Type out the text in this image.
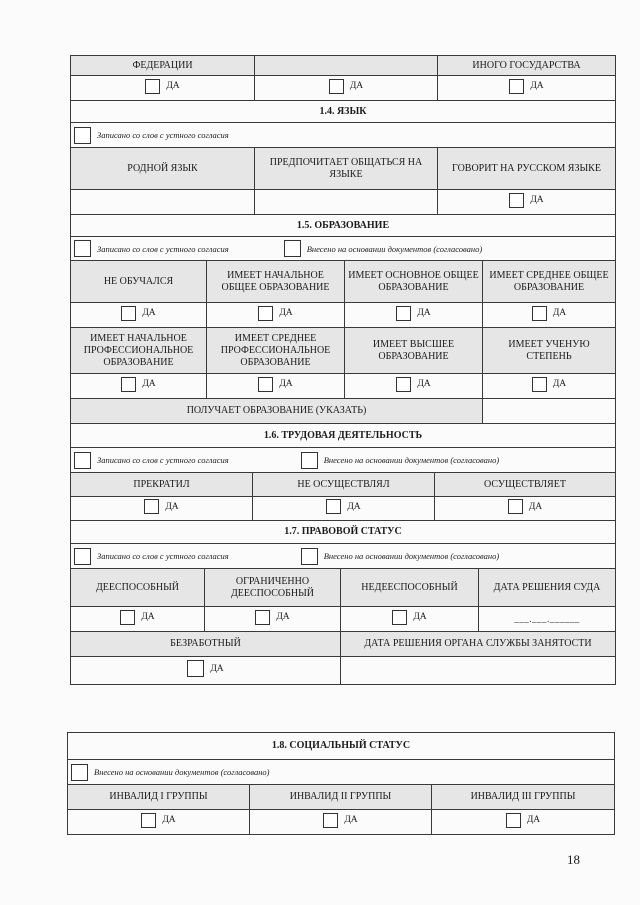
ФЕДЕРАЦИИ		ИНОГО ГОСУДАРСТВА

ДА	ДА	ДА
1.4. ЯЗЫК		

Записано со слов с устного согласия		

РОДНОЙ ЯЗЫК	ПРЕДПОЧИТАЕТ ОБЩАТЬСЯ НА ЯЗЫКЕ	ГОВОРИТ НА РУССКОМ ЯЗЫКЕ

		ДА
1.5. ОБРАЗОВАНИЕ			

Записано со слов с устного согласия Внесено на основании документов (согласовано)			

НЕ ОБУЧАЛСЯ	ИМЕЕТ НАЧАЛЬНОЕ ОБЩЕЕ ОБРАЗОВАНИЕ	ИМЕЕТ ОСНОВНОЕ ОБЩЕЕ ОБРАЗОВАНИЕ	ИМЕЕТ СРЕДНЕЕ ОБЩЕЕ ОБРАЗОВАНИЕ

ДА	ДА	ДА	ДА

ИМЕЕТ НАЧАЛЬНОЕ ПРОФЕССИОНАЛЬНОЕ ОБРАЗОВАНИЕ	ИМЕЕТ СРЕДНЕЕ ПРОФЕССИОНАЛЬНОЕ ОБРАЗОВАНИЕ	ИМЕЕТ ВЫСШЕЕ ОБРАЗОВАНИЕ	ИМЕЕТ УЧЕНУЮ СТЕПЕНЬ

ДА	ДА	ДА	ДА

ПОЛУЧАЕТ ОБРАЗОВАНИЕ (УКАЗАТЬ)			
1.6. ТРУДОВАЯ ДЕЯТЕЛЬНОСТЬ		

Записано со слов с устного согласия Внесено на основании документов (согласовано)		

ПРЕКРАТИЛ	НЕ ОСУЩЕСТВЛЯЛ	ОСУЩЕСТВЛЯЕТ

ДА	ДА	ДА
1.7. ПРАВОВОЙ СТАТУС			

Записано со слов с устного согласия Внесено на основании документов (согласовано)			

ДЕЕСПОСОБНЫЙ	ОГРАНИЧЕННО ДЕЕСПОСОБНЫЙ	НЕДЕЕСПОСОБНЫЙ	ДАТА РЕШЕНИЯ СУДА

ДА	ДА	ДА	___.___.______
БЕЗРАБОТНЫЙ		ДАТА РЕШЕНИЯ ОРГАНА СЛУЖБЫ ЗАНЯТОСТИ	

ДА			

1.8. СОЦИАЛЬНЫЙ СТАТУС		

Внесено на основании документов (согласовано)		

ИНВАЛИД I ГРУППЫ	ИНВАЛИД II ГРУППЫ	ИНВАЛИД III ГРУППЫ

ДА	ДА	ДА
18
